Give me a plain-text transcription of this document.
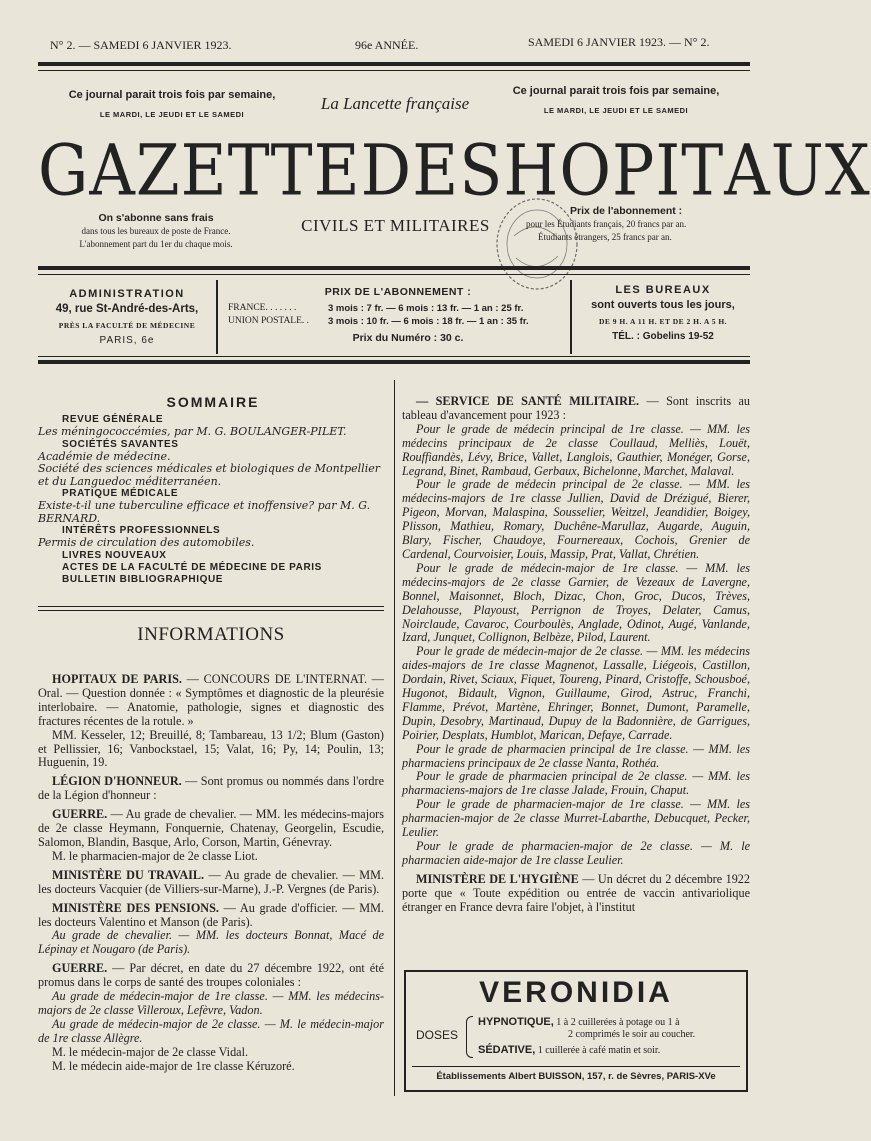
N° 2. — SAMEDI 6 JANVIER 1923.	96e ANNÉE.	SAMEDI 6 JANVIER 1923. — N° 2.
Ce journal parait trois fois par semaine,
LE MARDI, LE JEUDI ET LE SAMEDI
La Lancette française
Ce journal parait trois fois par semaine,
LE MARDI, LE JEUDI ET LE SAMEDI
G A Z E T T E D E S H O P I T A U X
On s'abonne sans frais
dans tous les bureaux de poste de France.
L'abonnement part du 1er du chaque mois.
CIVILS ET MILITAIRES
Prix de l'abonnement :
pour les Étudiants français, 20 francs par an.
Étudiants étrangers, 25 francs par an.
ADMINISTRATION
49, rue St-André-des-Arts,
PRÈS LA FACULTÉ DE MÉDECINE
PARIS, 6e
PRIX DE L'ABONNEMENT :
FRANCE. . . . . . .	3 mois : 7 fr. — 6 mois : 13 fr. — 1 an : 25 fr.
UNION POSTALE. .	3 mois : 10 fr. — 6 mois : 18 fr. — 1 an : 35 fr.
Prix du Numéro : 30 c.
LES BUREAUX
sont ouverts tous les jours,
DE 9 H. A 11 H. ET DE 2 H. A 5 H.
TÉL. : Gobelins 19-52
SOMMAIRE
REVUE GÉNÉRALE

Les méningococcémies, par M. G. BOULANGER-PILET.

SOCIÉTÉS SAVANTES

Académie de médecine.

Société des sciences médicales et biologiques de Montpellier et du Languedoc méditerranéen.

PRATIQUE MÉDICALE

Existe-t-il une tuberculine efficace et inoffensive? par M. G. BERNARD.

INTÉRÊTS PROFESSIONNELS

Permis de circulation des automobiles.

LIVRES NOUVEAUX
ACTES DE LA FACULTÉ DE MÉDECINE DE PARIS
BULLETIN BIBLIOGRAPHIQUE
INFORMATIONS

HOPITAUX DE PARIS. — CONCOURS DE L'INTERNAT. — Oral. — Question donnée : « Symptômes et diagnostic de la pleurésie interlobaire. — Anatomie, pathologie, signes et diagnostic des fractures récentes de la rotule. »

MM. Kesseler, 12; Breuillé, 8; Tambareau, 13 1/2; Blum (Gaston) et Pellissier, 16; Vanbockstael, 15; Valat, 16; Py, 14; Poulin, 13; Huguenin, 19.

LÉGION D'HONNEUR. — Sont promus ou nommés dans l'ordre de la Légion d'honneur :

GUERRE. — Au grade de chevalier. — MM. les médecins-majors de 2e classe Heymann, Fonquernie, Chatenay, Georgelin, Escudie, Salomon, Blandin, Basque, Arlo, Corson, Martin, Génevray.

M. le pharmacien-major de 2e classe Liot.

MINISTÈRE DU TRAVAIL. — Au grade de chevalier. — MM. les docteurs Vacquier (de Villiers-sur-Marne), J.-P. Vergnes (de Paris).

MINISTÈRE DES PENSIONS. — Au grade d'officier. — MM. les docteurs Valentino et Manson (de Paris).

Au grade de chevalier. — MM. les docteurs Bonnat, Macé de Lépinay et Nougaro (de Paris).

GUERRE. — Par décret, en date du 27 décembre 1922, ont été promus dans le corps de santé des troupes coloniales :

Au grade de médecin-major de 1re classe. — MM. les médecins-majors de 2e classe Villeroux, Lefèvre, Vadon.

Au grade de médecin-major de 2e classe. — M. le médecin-major de 1re classe Allègre.

M. le médecin-major de 2e classe Vidal.

M. le médecin aide-major de 1re classe Kéruzoré.

— SERVICE DE SANTÉ MILITAIRE. — Sont inscrits au tableau d'avancement pour 1923 :

Pour le grade de médecin principal de 1re classe. — MM. les médecins principaux de 2e classe Coullaud, Melliès, Louët, Rouffiandès, Lévy, Brice, Vallet, Langlois, Gauthier, Monéger, Gorse, Legrand, Binet, Rambaud, Gerbaux, Bichelonne, Marchet, Malaval.

Pour le grade de médecin principal de 2e classe. — MM. les médecins-majors de 1re classe Jullien, David de Drézigué, Bierer, Pigeon, Morvan, Malaspina, Sousselier, Weitzel, Jeandidier, Boigey, Plisson, Mathieu, Romary, Duchêne-Marullaz, Augarde, Auguin, Blary, Fischer, Chaudoye, Fournereaux, Cochois, Grenier de Cardenal, Courvoisier, Louis, Massip, Prat, Vallat, Chrétien.

Pour le grade de médecin-major de 1re classe. — MM. les médecins-majors de 2e classe Garnier, de Vezeaux de Lavergne, Bonnel, Maisonnet, Bloch, Dizac, Chon, Groc, Ducos, Trèves, Delahousse, Playoust, Perrignon de Troyes, Delater, Camus, Noirclaude, Cavaroc, Courboulès, Anglade, Odinot, Augé, Vanlande, Izard, Junquet, Collignon, Belbèze, Pilod, Laurent.

Pour le grade de médecin-major de 2e classe. — MM. les médecins aides-majors de 1re classe Magnenot, Lassalle, Liégeois, Castillon, Dordain, Rivet, Sciaux, Fiquet, Toureng, Pinard, Cristoffe, Schousboé, Hugonot, Bidault, Vignon, Guillaume, Girod, Astruc, Franchi, Flamme, Prévot, Martène, Ehringer, Bonnet, Dumont, Paramelle, Dupin, Desobry, Martinaud, Dupuy de la Badonnière, de Garrigues, Poirier, Desplats, Humblot, Marican, Defaye, Carrade.

Pour le grade de pharmacien principal de 1re classe. — MM. les pharmaciens principaux de 2e classe Nanta, Rothéa.

Pour le grade de pharmacien principal de 2e classe. — MM. les pharmaciens-majors de 1re classe Jalade, Frouin, Chaput.

Pour le grade de pharmacien-major de 1re classe. — MM. les pharmacien-major de 2e classe Murret-Labarthe, Debucquet, Pecker, Leulier.

Pour le grade de pharmacien-major de 2e classe. — M. le pharmacien aide-major de 1re classe Leulier.

MINISTÈRE DE L'HYGIÈNE — Un décret du 2 décembre 1922 porte que « Toute expédition ou entrée de vaccin antivariolique étranger en France devra faire l'objet, à l'institut

VERONIDIA
DOSES
HYPNOTIQUE, 1 à 2 cuillerées à potage ou 1 à
2 comprimés le soir au coucher.
SÉDATIVE, 1 cuillerée à café matin et soir.
Établissements Albert BUISSON, 157, r. de Sèvres, PARIS-XVe
